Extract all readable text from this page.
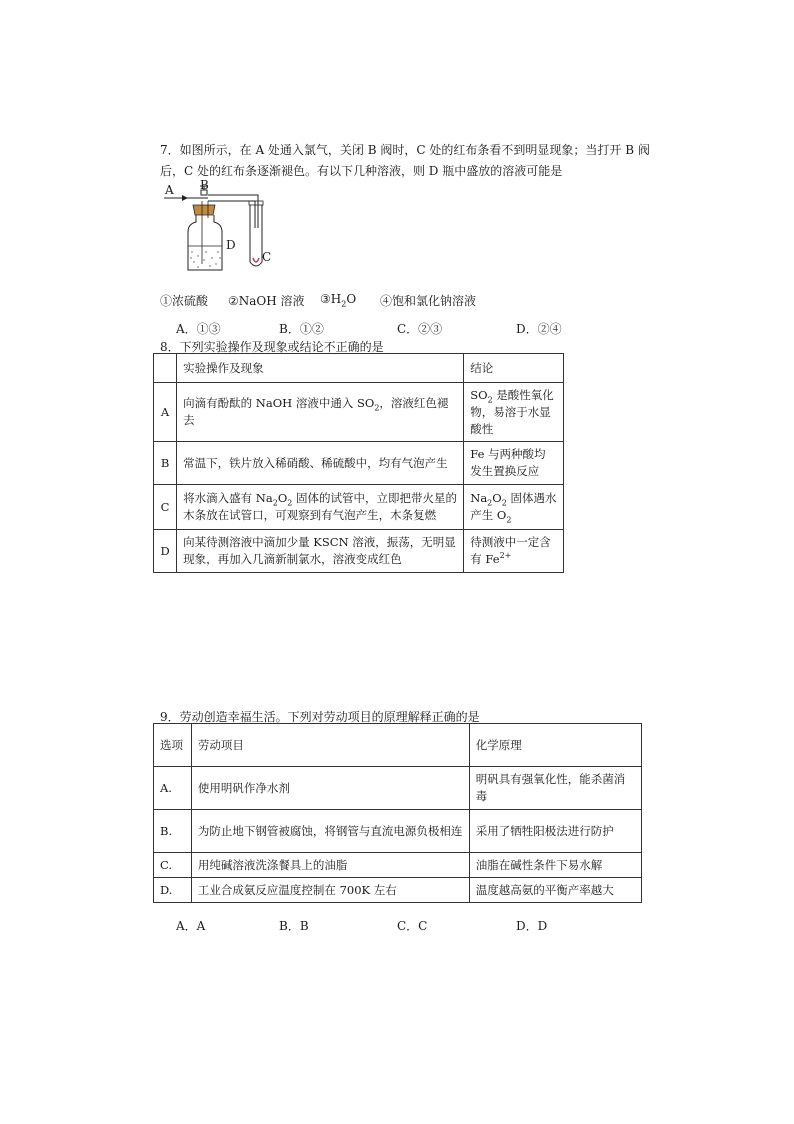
7．如图所示，在 A 处通入氯气，关闭 B 阀时，C 处的红布条看不到明显现象；当打开 B 阀
后，C 处的红布条逐渐褪色。有以下几种溶液，则 D 瓶中盛放的溶液可能是
A B
D
C
①浓硫酸 ②NaOH 溶液 $③H_2O$ ④饱和氯化钠溶液
A．①③	B．①②	C．②③	D．②④
8．下列实验操作及现象或结论不正确的是
	实验操作及现象	结论
A	向滴有酚酞的 NaOH 溶液中通入 $SO_2$，溶液红色褪去	$SO_2$ 是酸性氧化物，易溶于水显酸性
B	常温下，铁片放入稀硝酸、稀硫酸中，均有气泡产生	Fe 与两种酸均发生置换反应
C	将水滴入盛有 $Na_2O_2$ 固体的试管中，立即把带火星的木条放在试管口，可观察到有气泡产生，木条复燃	$Na_2O_2$ 固体遇水产生 $O_2$
D	向某待测溶液中滴加少量 KSCN 溶液，振荡，无明显现象，再加入几滴新制氯水，溶液变成红色	待测液中一定含有 $Fe^{2+}$
9．劳动创造幸福生活。下列对劳动项目的原理解释正确的是
选项	劳动项目	化学原理
A.	使用明矾作净水剂	明矾具有强氧化性，能杀菌消毒
B.	为防止地下钢管被腐蚀，将钢管与直流电源负极相连	采用了牺牲阳极法进行防护
C.	用纯碱溶液洗涤餐具上的油脂	油脂在碱性条件下易水解
D.	工业合成氨反应温度控制在 700K 左右	温度越高氨的平衡产率越大
A．A	B．B	C．C	D．D
